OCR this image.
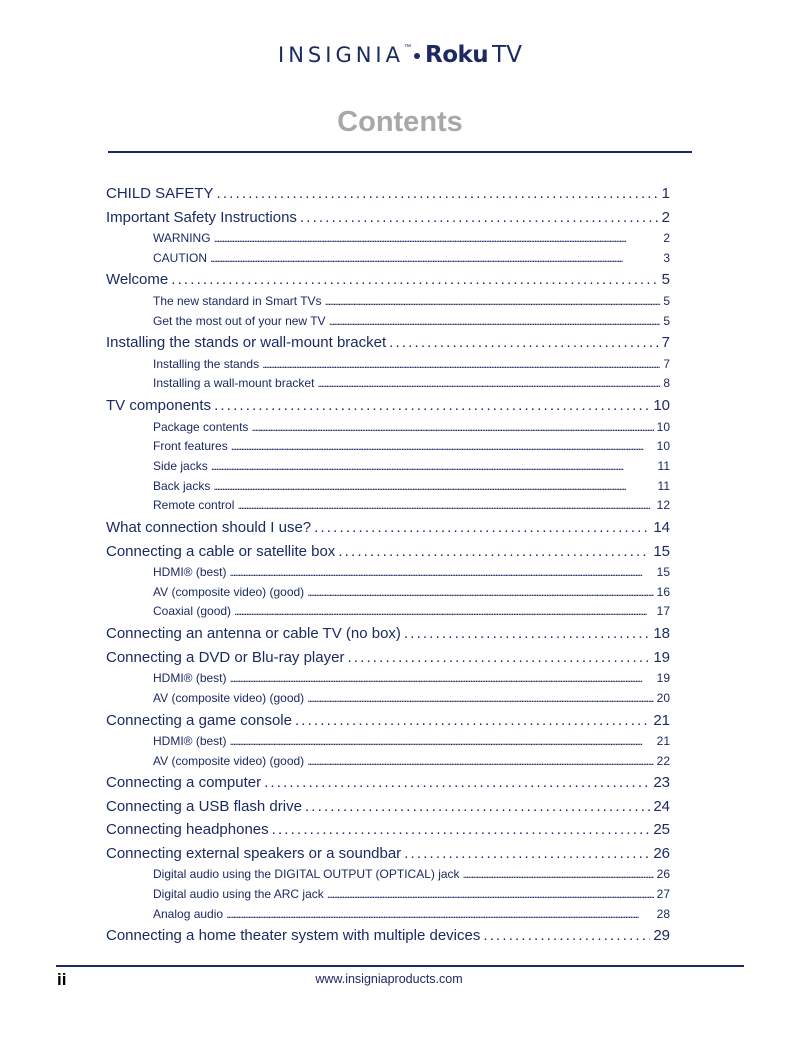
INSIGNIA™ Roku TV
Contents
CHILD SAFETY . . .	1
Important Safety Instructions . . .	2
WARNING . . .	2
CAUTION . . .	3
Welcome . . .	5
The new standard in Smart TVs . . .	5
Get the most out of your new TV . . .	5
Installing the stands or wall-mount bracket . . .	7
Installing the stands . . .	7
Installing a wall-mount bracket . . .	8
TV components . . .	10
Package contents . . .	10
Front features . . .	10
Side jacks . . .	11
Back jacks . . .	11
Remote control . . .	12
What connection should I use? . . .	14
Connecting a cable or satellite box . . .	15
HDMI® (best) . . .	15
AV (composite video) (good) . . .	16
Coaxial (good) . . .	17
Connecting an antenna or cable TV (no box) . . .	18
Connecting a DVD or Blu-ray player . . .	19
HDMI® (best) . . .	19
AV (composite video) (good) . . .	20
Connecting a game console . . .	21
HDMI® (best) . . .	21
AV (composite video) (good) . . .	22
Connecting a computer . . .	23
Connecting a USB flash drive . . .	24
Connecting headphones . . .	25
Connecting external speakers or a soundbar . . .	26
Digital audio using the DIGITAL OUTPUT (OPTICAL) jack . . .	26
Digital audio using the ARC jack . . .	27
Analog audio . . .	28
Connecting a home theater system with multiple devices . . .	29
ii	www.insigniaproducts.com
